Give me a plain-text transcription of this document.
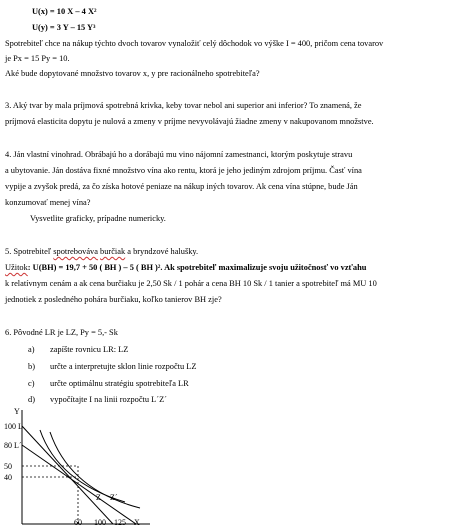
U(x) = 10 X – 4 X²
U(y) = 3 Y – 15 Y³
Spotrebiteľ chce na nákup týchto dvoch tovarov vynaložiť celý dôchodok vo výške I = 400, pričom cena tovarov
je Px = 15 Py = 10.
Aké bude dopytované množstvo tovarov x, y pre racionálneho spotrebiteľa?
3. Aký tvar by mala príjmová spotrebná krivka, keby tovar nebol ani superior ani inferior? To znamená, že
príjmová elasticita dopytu je nulová a zmeny v príjme nevyvolávajú žiadne zmeny v nakupovanom množstve.
4. Ján vlastní vinohrad. Obrábajú ho a dorábajú mu vino nájomní zamestnanci, ktorým poskytuje stravu
a ubytovanie. Ján dostáva fixné množstvo vína ako rentu, ktorá je jeho jediným zdrojom príjmu. Časť vína
vypije a zvyšok predá, za čo získa hotové peniaze na nákup iných tovarov. Ak cena vína stúpne, bude Ján
konzumovať menej vína?
Vysvetlite graficky, prípadne numericky.
5. Spotrebiteľ spotrebováva burčiak a bryndzové halušky.
Užitok: U(BH) = 19,7 + 50 ( BH ) – 5 ( BH )². Ak spotrebiteľ maximalizuje svoju užitočnosť vo vzťahu
k relatívnym cenám a ak cena burčiaku je 2,50 Sk / 1 pohár a cena BH 10 Sk / 1 tanier a spotrebiteľ má MU 10
jednotiek z posledného pohára burčiaku, koľko tanierov BH zje?
6. Pôvodné LR je LZ, Py = 5,- Sk
a) zapíšte rovnicu LR: LZ
b) určte a interpretujte sklon linie rozpočtu LZ
c) určte optimálnu stratégiu spotrebiteľa LR
d) vypočítajte I na linii rozpočtu L´Z´
Y
100 L
80 L´
50
40
Z Z´
60 100 125 X
